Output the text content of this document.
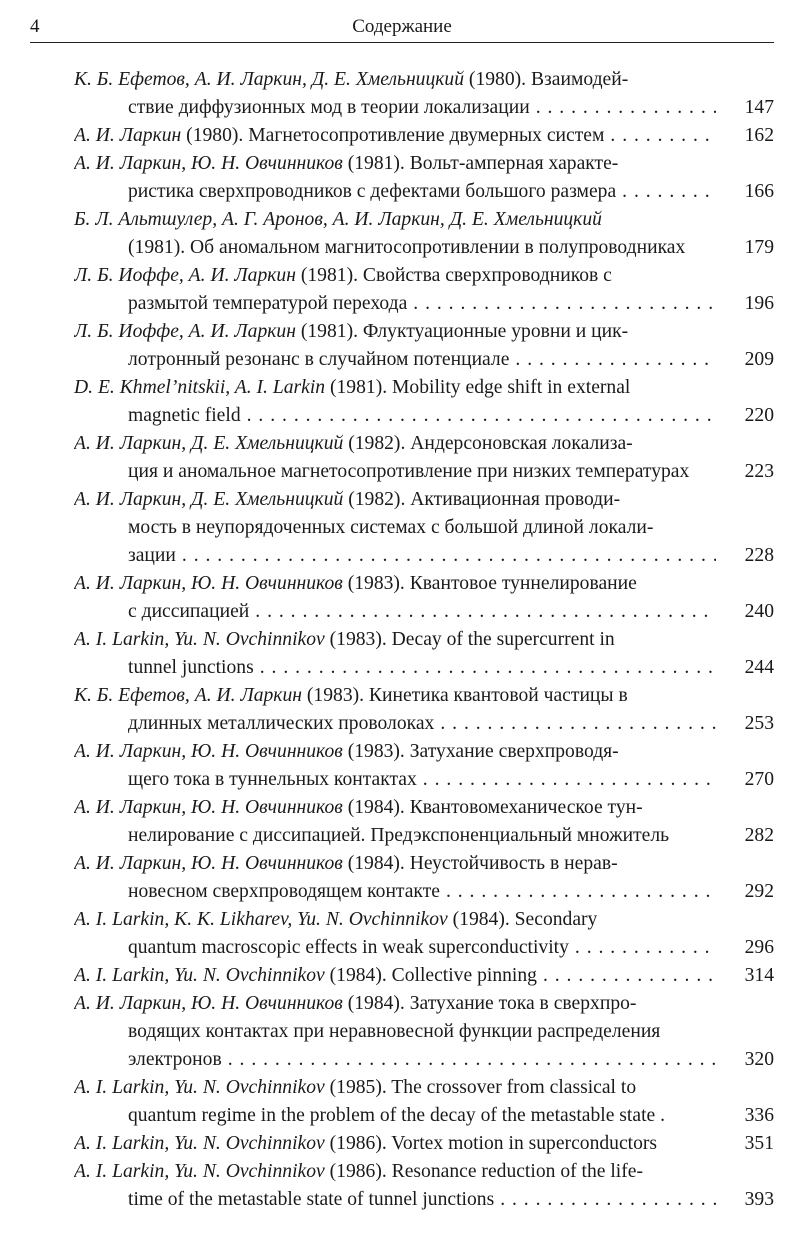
4	Содержание
К. Б. Ефетов, А. И. Ларкин, Д. Е. Хмельницкий (1980). Взаимодей-
ствие диффузионных мод в теории локализации . . .	147
А. И. Ларкин (1980). Магнетосопротивление двумерных систем . . .	162
А. И. Ларкин, Ю. Н. Овчинников (1981). Вольт-амперная характе-
ристика сверхпроводников с дефектами большого размера . . .	166
Б. Л. Альтшулер, А. Г. Аронов, А. И. Ларкин, Д. Е. Хмельницкий
(1981). Об аномальном магнитосопротивлении в полупроводниках	179
Л. Б. Иоффе, А. И. Ларкин (1981). Свойства сверхпроводников с
размытой температурой перехода . . .	196
Л. Б. Иоффе, А. И. Ларкин (1981). Флуктуационные уровни и цик-
лотронный резонанс в случайном потенциале . . .	209
D. E. Khmel’nitskii, A. I. Larkin (1981). Mobility edge shift in external
magnetic field . . .	220
А. И. Ларкин, Д. Е. Хмельницкий (1982). Андерсоновская локализа-
ция и аномальное магнетосопротивление при низких температурах	223
А. И. Ларкин, Д. Е. Хмельницкий (1982). Активационная проводи-
мость в неупорядоченных системах с большой длиной локали-
зации . . .	228
А. И. Ларкин, Ю. Н. Овчинников (1983). Квантовое туннелирование
с диссипацией . . .	240
A. I. Larkin, Yu. N. Ovchinnikov (1983). Decay of the supercurrent in
tunnel junctions . . .	244
К. Б. Ефетов, А. И. Ларкин (1983). Кинетика квантовой частицы в
длинных металлических проволоках . . .	253
А. И. Ларкин, Ю. Н. Овчинников (1983). Затухание сверхпроводя-
щего тока в туннельных контактах . . .	270
А. И. Ларкин, Ю. Н. Овчинников (1984). Квантовомеханическое тун-
нелирование с диссипацией. Предэкспоненциальный множитель	282
А. И. Ларкин, Ю. Н. Овчинников (1984). Неустойчивость в нерав-
новесном сверхпроводящем контакте . . .	292
A. I. Larkin, K. K. Likharev, Yu. N. Ovchinnikov (1984). Secondary
quantum macroscopic effects in weak superconductivity . . .	296
A. I. Larkin, Yu. N. Ovchinnikov (1984). Collective pinning . . .	314
А. И. Ларкин, Ю. Н. Овчинников (1984). Затухание тока в сверхпро-
водящих контактах при неравновесной функции распределения
электронов . . .	320
A. I. Larkin, Yu. N. Ovchinnikov (1985). The crossover from classical to
quantum regime in the problem of the decay of the metastable state .	336
A. I. Larkin, Yu. N. Ovchinnikov (1986). Vortex motion in superconductors	351
A. I. Larkin, Yu. N. Ovchinnikov (1986). Resonance reduction of the life-
time of the metastable state of tunnel junctions . . .	393
